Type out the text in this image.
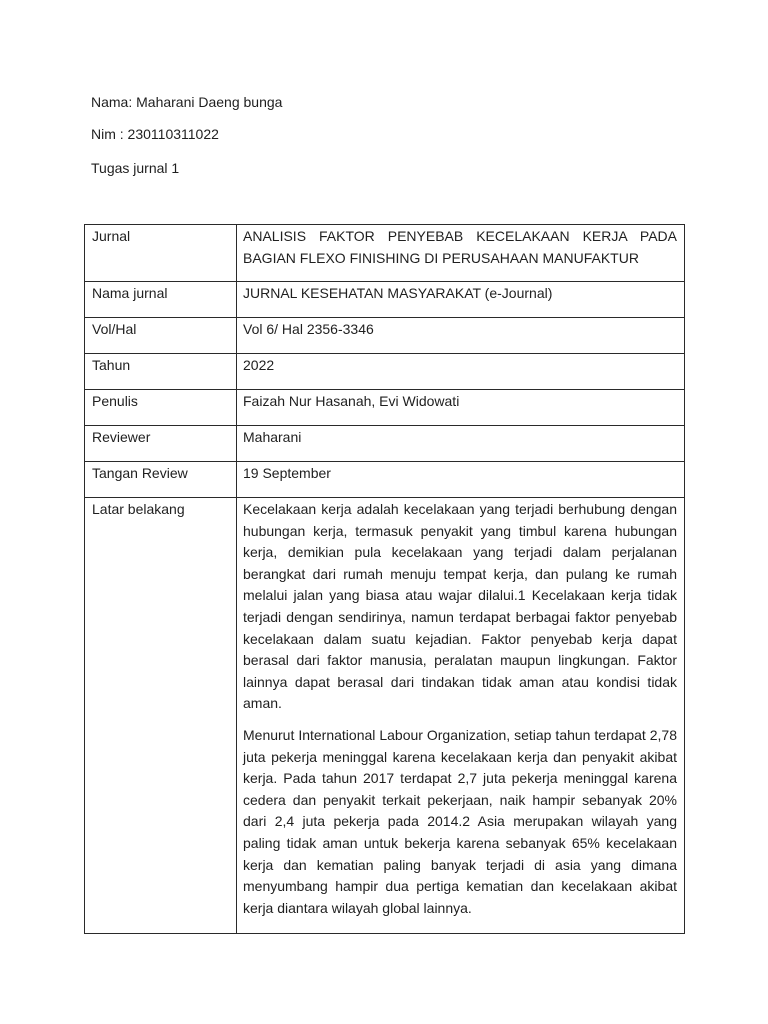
Nama: Maharani Daeng bunga
Nim : 230110311022
Tugas jurnal 1
Jurnal	ANALISIS FAKTOR PENYEBAB KECELAKAAN KERJA PADA BAGIAN FLEXO FINISHING DI PERUSAHAAN MANUFAKTUR

Nama jurnal	JURNAL KESEHATAN MASYARAKAT (e-Journal)

Vol/Hal	Vol 6/ Hal 2356-3346

Tahun	2022

Penulis	Faizah Nur Hasanah, Evi Widowati

Reviewer	Maharani

Tangan Review	19 September

Latar belakang	Kecelakaan kerja adalah kecelakaan yang terjadi berhubung dengan hubungan kerja, termasuk penyakit yang timbul karena hubungan kerja, demikian pula kecelakaan yang terjadi dalam perjalanan berangkat dari rumah menuju tempat kerja, dan pulang ke rumah melalui jalan yang biasa atau wajar dilalui.1 Kecelakaan kerja tidak terjadi dengan sendirinya, namun terdapat berbagai faktor penyebab kecelakaan dalam suatu kejadian. Faktor penyebab kerja dapat berasal dari faktor manusia, peralatan maupun lingkungan. Faktor lainnya dapat berasal dari tindakan tidak aman atau kondisi tidak aman.

Menurut International Labour Organization, setiap tahun terdapat 2,78 juta pekerja meninggal karena kecelakaan kerja dan penyakit akibat kerja. Pada tahun 2017 terdapat 2,7 juta pekerja meninggal karena cedera dan penyakit terkait pekerjaan, naik hampir sebanyak 20% dari 2,4 juta pekerja pada 2014.2 Asia merupakan wilayah yang paling tidak aman untuk bekerja karena sebanyak 65% kecelakaan kerja dan kematian paling banyak terjadi di asia yang dimana menyumbang hampir dua pertiga kematian dan kecelakaan akibat kerja diantara wilayah global lainnya.
